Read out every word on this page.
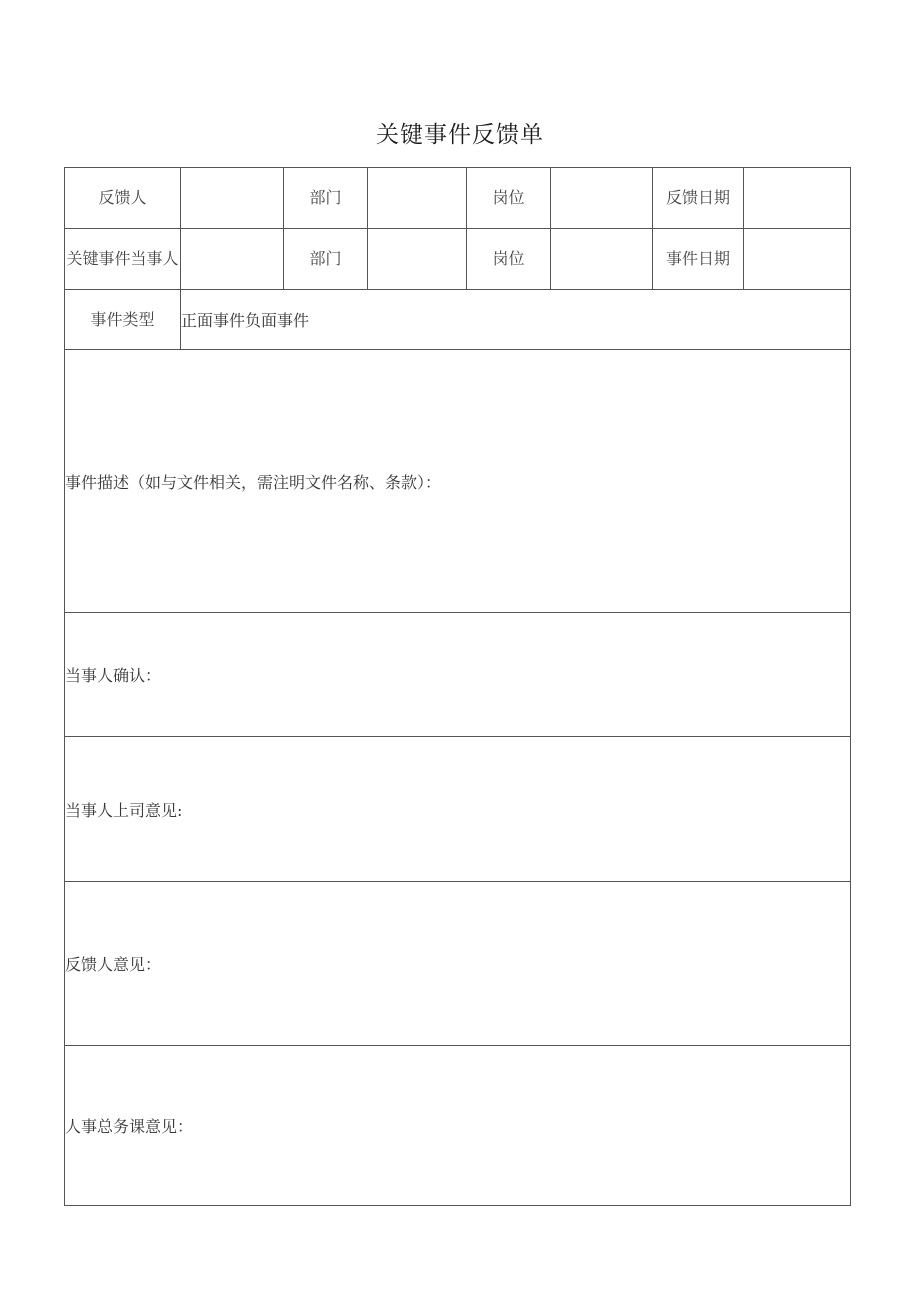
关键事件反馈单
反馈人		部门		岗位		反馈日期	
关键事件当事人		部门		岗位		事件日期	
事件类型	正面事件负面事件						
事件描述（如与文件相关，需注明文件名称、条款）：							
当事人确认：							
当事人上司意见:							
反馈人意见：							
人事总务课意见：							
